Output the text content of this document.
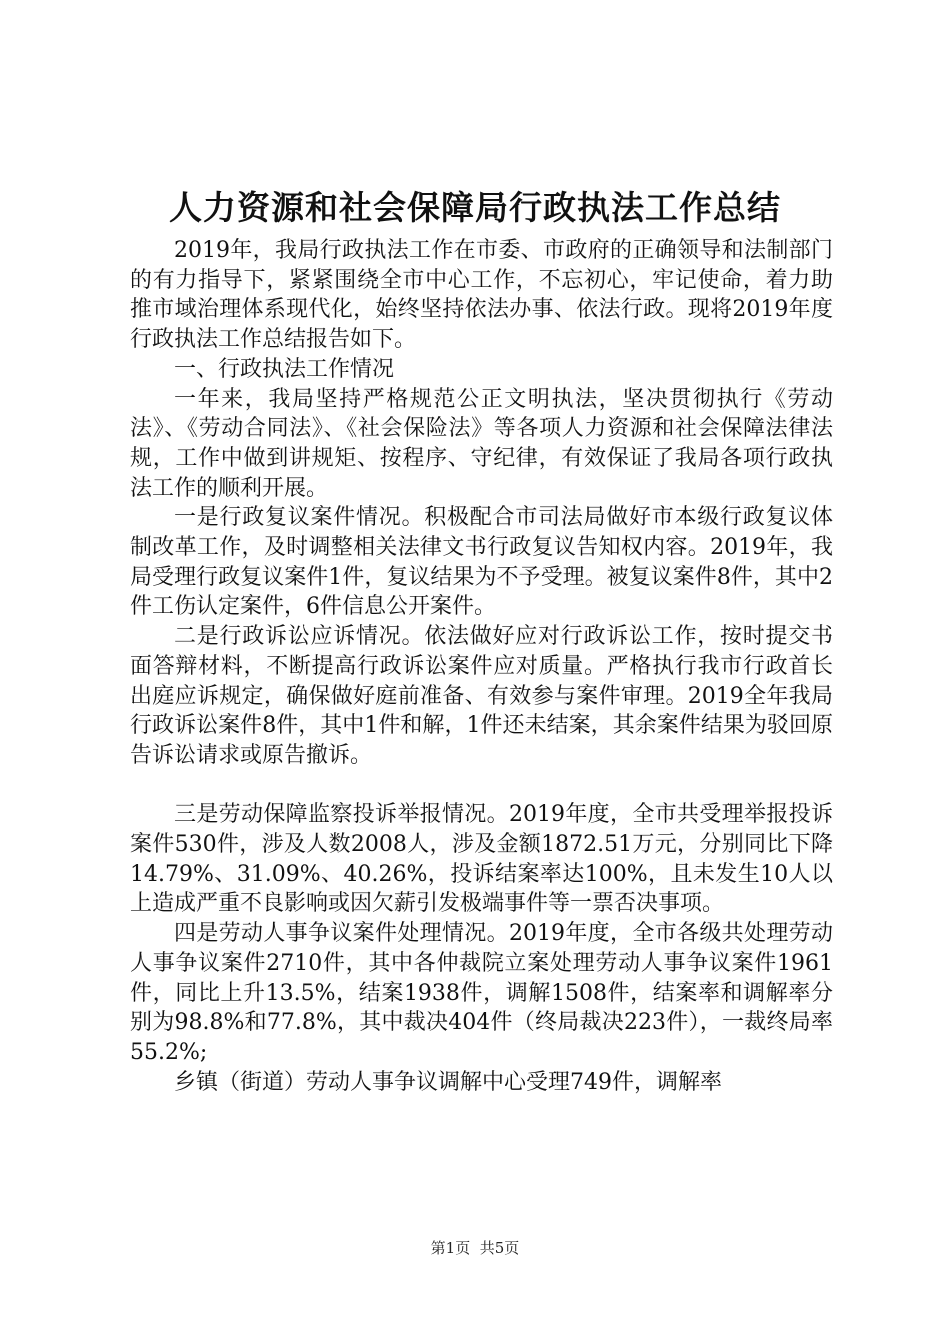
人力资源和社会保障局行政执法工作总结

2019年，我局行政执法工作在市委、市政府的正确领导和法制部门的有力指导下，紧紧围绕全市中心工作，不忘初心，牢记使命，着力助推市域治理体系现代化，始终坚持依法办事、依法行政。现将2019年度行政执法工作总结报告如下。

一、行政执法工作情况

一年来，我局坚持严格规范公正文明执法，坚决贯彻执行《劳动法》、《劳动合同法》、《社会保险法》等各项人力资源和社会保障法律法规，工作中做到讲规矩、按程序、守纪律，有效保证了我局各项行政执法工作的顺利开展。

一是行政复议案件情况。积极配合市司法局做好市本级行政复议体制改革工作，及时调整相关法律文书行政复议告知权内容。2019年，我局受理行政复议案件1件，复议结果为不予受理。被复议案件8件，其中2件工伤认定案件，6件信息公开案件。

二是行政诉讼应诉情况。依法做好应对行政诉讼工作，按时提交书面答辩材料，不断提高行政诉讼案件应对质量。严格执行我市行政首长出庭应诉规定，确保做好庭前准备、有效参与案件审理。2019全年我局行政诉讼案件8件，其中1件和解，1件还未结案，其余案件结果为驳回原告诉讼请求或原告撤诉。

三是劳动保障监察投诉举报情况。2019年度，全市共受理举报投诉案件530件，涉及人数2008人，涉及金额1872.51万元，分别同比下降14.79%、31.09%、40.26%，投诉结案率达100%，且未发生10人以上造成严重不良影响或因欠薪引发极端事件等一票否决事项。

四是劳动人事争议案件处理情况。2019年度，全市各级共处理劳动人事争议案件2710件，其中各仲裁院立案处理劳动人事争议案件1961件，同比上升13.5%，结案1938件，调解1508件，结案率和调解率分别为98.8%和77.8%，其中裁决404件（终局裁决223件），一裁终局率55.2%;

乡镇（街道）劳动人事争议调解中心受理749件，调解率

第1页 共5页
